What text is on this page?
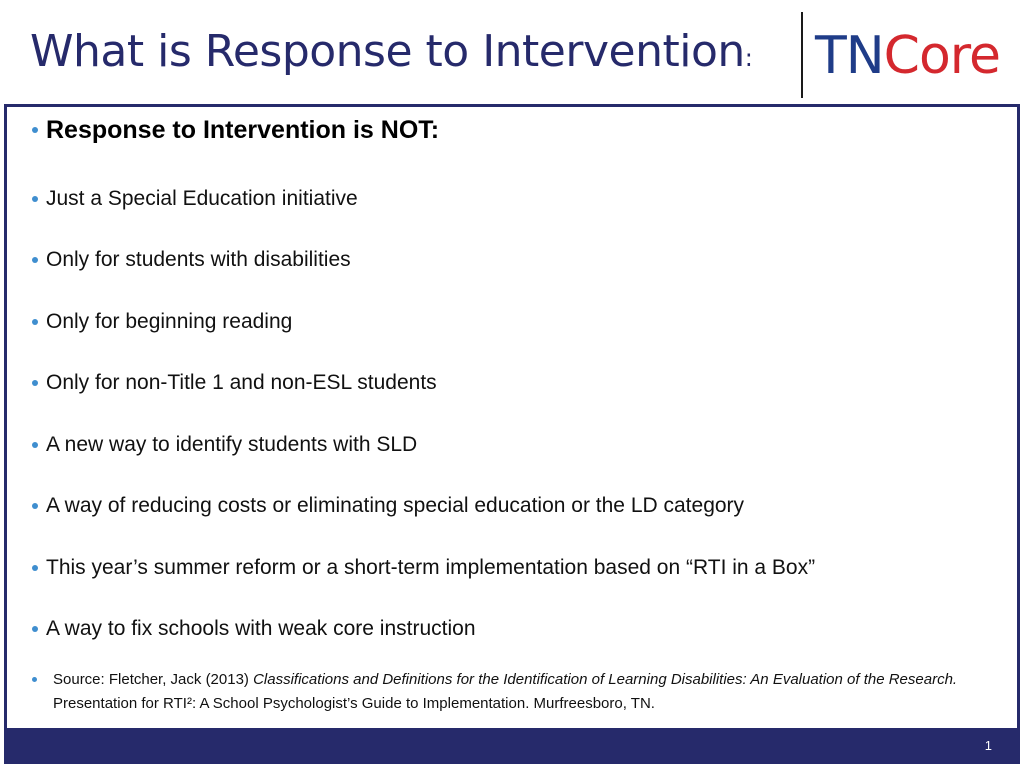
What is Response to Intervention: TNCore
Response to Intervention is NOT:
Just a Special Education initiative
Only for students with disabilities
Only for beginning reading
Only for non-Title 1 and non-ESL students
A new way to identify students with SLD
A way of reducing costs or eliminating special education or the LD category
This year’s summer reform or a short-term implementation based on “RTI in a Box”
A way to fix schools with weak core instruction
Source: Fletcher, Jack (2013) Classifications and Definitions for the Identification of Learning Disabilities: An Evaluation of the Research. Presentation for RTI²: A School Psychologist’s Guide to Implementation. Murfreesboro, TN.
1
